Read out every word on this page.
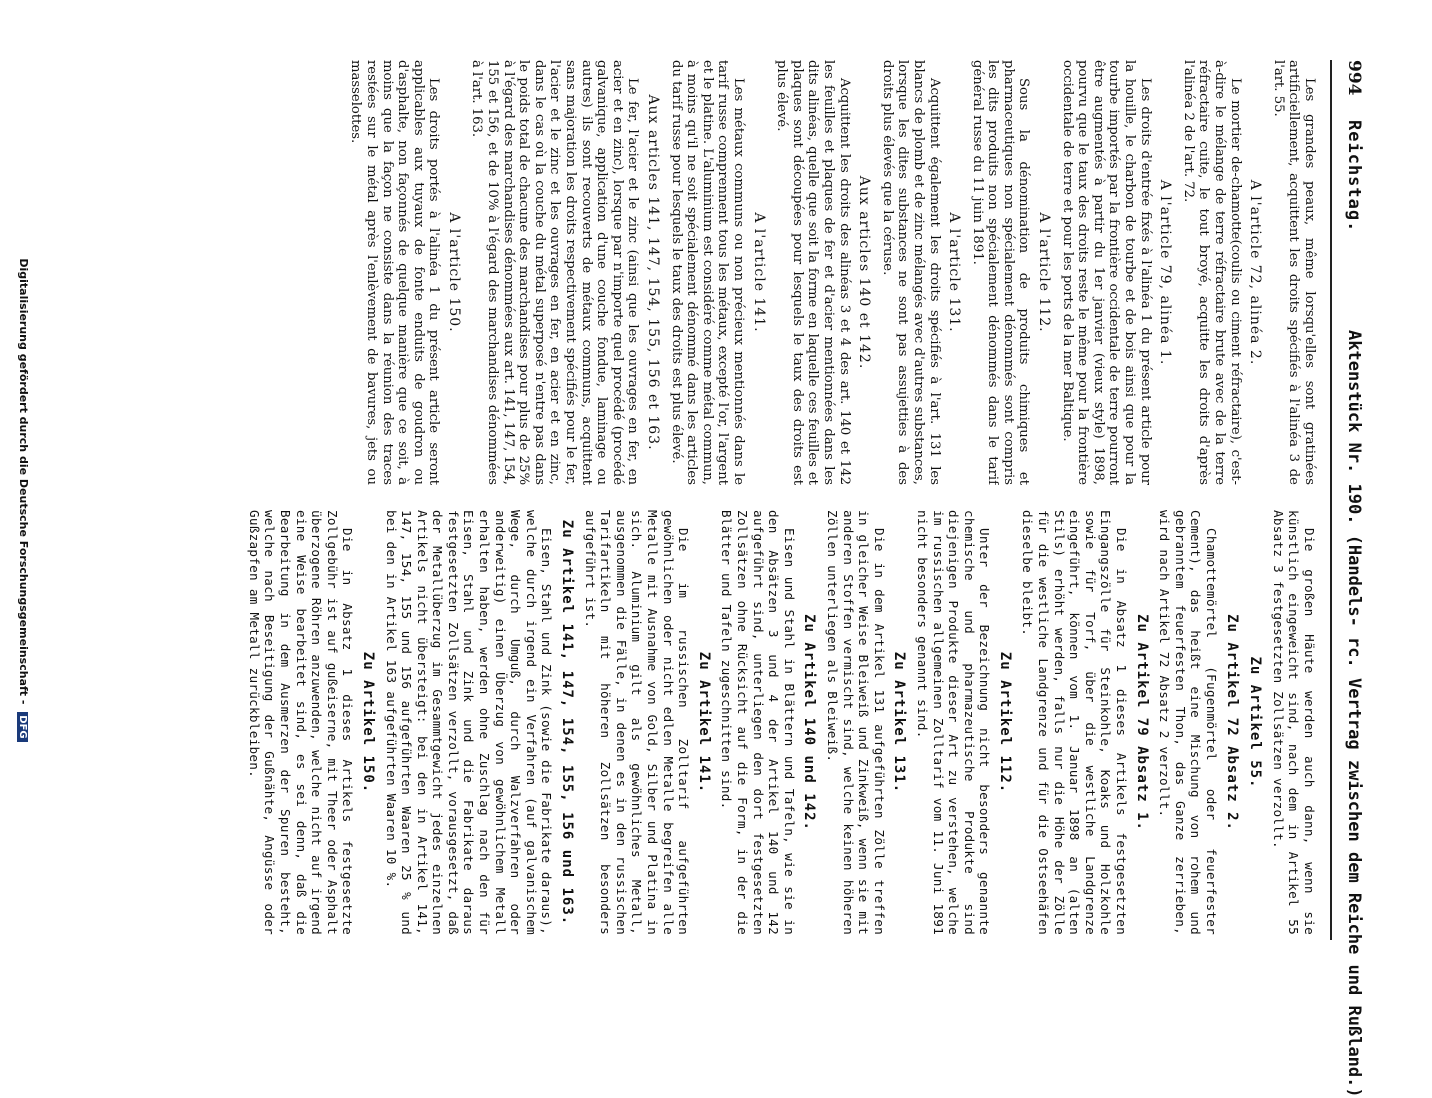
994
Reichstag.
Aktenstück Nr. 190. (Handels- rc. Vertrag zwischen dem Reiche und Rußland.)

Les grandes peaux, même lorsqu'elles sont gratinées artificiellement, acquittent les droits spécifiés à l'alinéa 3 de l'art. 55.

A l'article 72, alinéa 2.

Le mortier de-chamotte(coulis ou ciment réfractaire), c'est-à-dire le mélange de terre réfractaire brute avec de la terre réfractaire cuite, le tout broyé, acquitte les droits d'après l'alinéa 2 de l'art. 72.

A l'article 79, alinéa 1.

Les droits d'entrée fixés à l'alinéa 1 du présent article pour la houille, le charbon de tourbe et de bois ainsi que pour la tourbe importés par la frontière occidentale de terre pourront être augmentés à partir du 1er janvier (vieux style) 1898, pourvu que le taux des droits reste le même pour la frontière occidentale de terre et pour les ports de la mer Baltique.

A l'article 112.

Sous la dénomination de produits chimiques et pharmaceutiques non spécialement dénommés sont compris les dits produits non spécialement dénommés dans le tarif général russe du 11 juin 1891.

A l'article 131.

Acquittent également les droits spécifiés à l'art. 131 les blancs de plomb et de zinc mélangés avec d'autres substances, lorsque les dites substances ne sont pas assujetties à des droits plus élevés que la céruse.

Aux articles 140 et 142.

Acquittent les droits des alinéas 3 et 4 des art. 140 et 142 les feuilles et plaques de fer et d'acier mentionnées dans les dits alinéas, quelle que soit la forme en laquelle ces feuilles et plaques sont découpées pour lesquels le taux des droits est plus élevé.

A l'article 141.

Les métaux communs ou non précieux mentionnés dans le tarif russe comprennent tous les métaux, excepté l'or, l'argent et le platine. L'aluminium est considéré comme métal commun, à moins qu'il ne soit spécialement dénommé dans les articles du tarif russe pour lesquels le taux des droits est plus élevé.

Aux articles 141, 147, 154, 155, 156 et 163.

Le fer, l'acier et le zinc (ainsi que les ouvrages en fer, en acier et en zinc), lorsque par n'importe quel procédé (procédé galvanique, application d'une couche fondue, laminage ou autres) ils sont recouverts de métaux communs, acquittent sans majoration les droits respectivement spécifiés pour le fer, l'acier et le zinc et les ouvrages en fer, en acier et en zinc, dans le cas où la couche du métal superposé n'entre pas dans le poids total de chacune des marchandises pour plus de 25% à l'égard des marchandises dénommées aux art. 141, 147, 154, 155 et 156, et de 10% à l'égard des marchandises dénommées à l'art. 163.

A l'article 150.

Les droits portés à l'alinéa 1 du présent article seront applicables aux tuyaux de fonte enduits de goudron ou d'asphalte, non façonnés de quelque manière que ce soit, à moins que la façon ne consiste dans la réunion des traces restées sur le métal après l'enlèvement de bavures, jets ou masselottes.

Die großen Häute werden auch dann, wenn sie künstlich eingeweicht sind, nach dem in Artikel 55 Absatz 3 festgesetzten Zollsätzen verzollt.

Zu Artikel 55.
Zu Artikel 72 Absatz 2.

Chamottemörtel (Fugenmörtel oder feuerfester Cement), das heißt eine Mischung von rohem und gebranntem feuerfesten Thon, das Ganze zerrieben, wird nach Artikel 72 Absatz 2 verzollt.

Zu Artikel 79 Absatz 1.

Die in Absatz 1 dieses Artikels festgesetzten Eingangszölle für Steinkohle, Koaks und Holzkohle sowie für Torf, über die westliche Landgrenze eingeführt, können vom 1. Januar 1898 an (alten Stils) erhöht werden, falls nur die Höhe der Zölle für die westliche Landgrenze und für die Ostseehäfen dieselbe bleibt.

Zu Artikel 112.

Unter der Bezeichnung nicht besonders genannte chemische und pharmazeutische Produkte sind diejenigen Produkte dieser Art zu verstehen, welche im russischen allgemeinen Zolltarif vom 11. Juni 1891 nicht besonders genannt sind.

Zu Artikel 131.

Die in dem Artikel 131 aufgeführten Zölle treffen in gleicher Weise Bleiweiß und Zinkweiß, wenn sie mit anderen Stoffen vermischt sind, welche keinen höheren Zöllen unterliegen als Bleiweiß.

Zu Artikel 140 und 142.

Eisen und Stahl in Blättern und Tafeln, wie sie in den Absätzen 3 und 4 der Artikel 140 und 142 aufgeführt sind, unterliegen den dort festgesetzten Zollsätzen ohne Rücksicht auf die Form, in der die Blätter und Tafeln zugeschnitten sind.

Zu Artikel 141.

Die im russischen Zolltarif aufgeführten gewöhnlichen oder nicht edlen Metalle begreifen alle Metalle mit Ausnahme von Gold, Silber und Platina in sich. Aluminium gilt als gewöhnliches Metall, ausgenommen die Fälle, in denen es in den russischen Tarifartikeln mit höheren Zollsätzen besonders aufgeführt ist.

Zu Artikel 141, 147, 154, 155, 156 und 163.

Eisen, Stahl und Zink (sowie die Fabrikate daraus), welche durch irgend ein Verfahren (auf galvanischem Wege, durch Umguß, durch Walzverfahren oder anderweitig) einen Überzug von gewöhnlichem Metall erhalten haben, werden ohne Zuschlag nach den für Eisen, Stahl und Zink und die Fabrikate daraus festgesetzten Zollsätzen verzollt, vorausgesetzt, daß der Metallüberzug im Gesammtgewicht jedes einzelnen Artikels nicht übersteigt: bei den in Artikel 141, 147, 154, 155 und 156 aufgeführten Waaren 25 % und bei den in Artikel 163 aufgeführten Waaren 10 %.

Zu Artikel 150.

Die in Absatz 1 dieses Artikels festgesetzte Zollgebühr ist auf gußeiserne, mit Theer oder Asphalt überzogene Röhren anzuwenden, welche nicht auf irgend eine Weise bearbeitet sind, es sei denn, daß die Bearbeitung in dem Ausmerzen der Spuren besteht, welche nach Beseitigung der Gußnähte, Angüsse oder Gußzapfen am Metall zurückbleiben.

Digitalisierung gefördert durch die Deutsche Forschungsgemeinschaft - DFG
